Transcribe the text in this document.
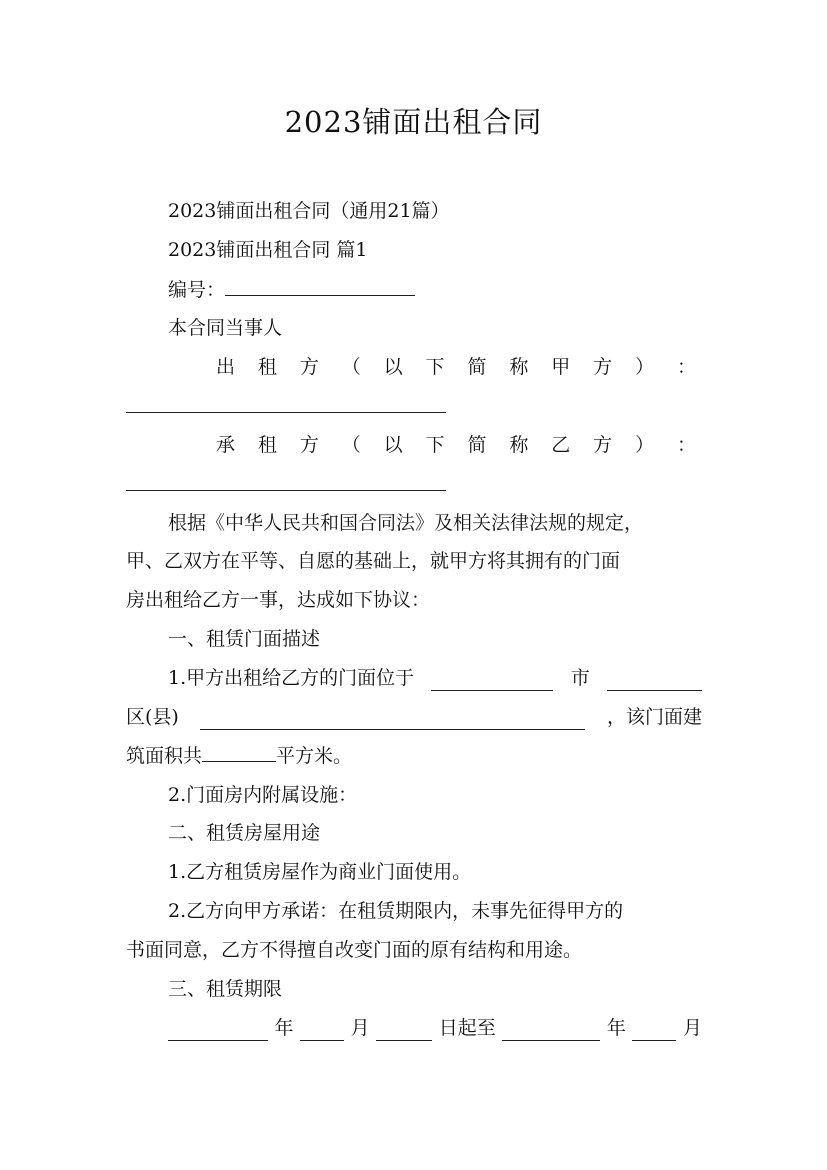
2023铺面出租合同
2023铺面出租合同（通用21篇）
2023铺面出租合同 篇1
编号：
本合同当事人
出 租 方 （ 以 下 简 称 甲 方 ） ：
承 租 方 （ 以 下 简 称 乙 方 ） ：
根据《中华人民共和国合同法》及相关法律法规的规定，
甲、乙双方在平等、自愿的基础上，就甲方将其拥有的门面
房出租给乙方一事，达成如下协议：
一、租赁门面描述
1.甲方出租给乙方的门面位于	市
区(县)	，该门面建
筑面积共	平方米。
2.门面房内附属设施：
二、租赁房屋用途
1.乙方租赁房屋作为商业门面使用。
2.乙方向甲方承诺：在租赁期限内，未事先征得甲方的
书面同意，乙方不得擅自改变门面的原有结构和用途。
三、租赁期限
年	月	日起至	年	月
